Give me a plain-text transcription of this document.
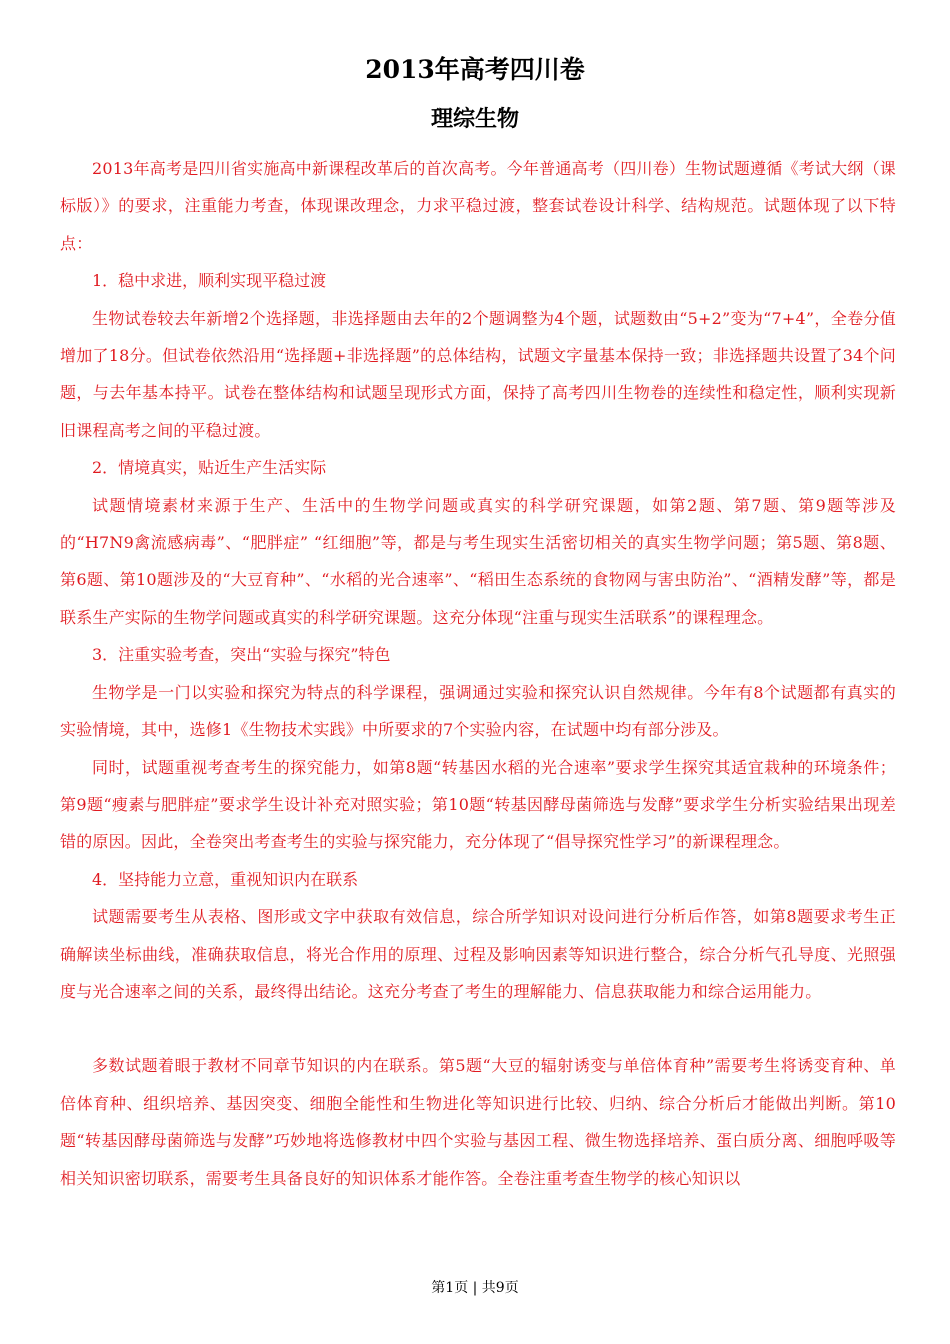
2013年高考四川卷
理综生物

2013年高考是四川省实施高中新课程改革后的首次高考。今年普通高考（四川卷）生物试题遵循《考试大纲（课标版）》的要求，注重能力考查，体现课改理念，力求平稳过渡，整套试卷设计科学、结构规范。试题体现了以下特点：

1．稳中求进，顺利实现平稳过渡

生物试卷较去年新增2个选择题，非选择题由去年的2个题调整为4个题，试题数由“5+2”变为“7+4”，全卷分值增加了18分。但试卷依然沿用“选择题+非选择题”的总体结构，试题文字量基本保持一致；非选择题共设置了34个问题，与去年基本持平。试卷在整体结构和试题呈现形式方面，保持了高考四川生物卷的连续性和稳定性，顺利实现新旧课程高考之间的平稳过渡。

2．情境真实，贴近生产生活实际

试题情境素材来源于生产、生活中的生物学问题或真实的科学研究课题，如第2题、第7题、第9题等涉及的“H7N9禽流感病毒”、“肥胖症” “红细胞”等，都是与考生现实生活密切相关的真实生物学问题；第5题、第8题、第6题、第10题涉及的“大豆育种”、“水稻的光合速率”、“稻田生态系统的食物网与害虫防治”、“酒精发酵”等，都是联系生产实际的生物学问题或真实的科学研究课题。这充分体现“注重与现实生活联系”的课程理念。

3．注重实验考查，突出“实验与探究”特色

生物学是一门以实验和探究为特点的科学课程，强调通过实验和探究认识自然规律。今年有8个试题都有真实的实验情境，其中，选修1《生物技术实践》中所要求的7个实验内容，在试题中均有部分涉及。

同时，试题重视考查考生的探究能力，如第8题“转基因水稻的光合速率”要求学生探究其适宜栽种的环境条件；第9题“瘦素与肥胖症”要求学生设计补充对照实验；第10题“转基因酵母菌筛选与发酵”要求学生分析实验结果出现差错的原因。因此，全卷突出考查考生的实验与探究能力，充分体现了“倡导探究性学习”的新课程理念。

4．坚持能力立意，重视知识内在联系

试题需要考生从表格、图形或文字中获取有效信息，综合所学知识对设问进行分析后作答，如第8题要求考生正确解读坐标曲线，准确获取信息，将光合作用的原理、过程及影响因素等知识进行整合，综合分析气孔导度、光照强度与光合速率之间的关系，最终得出结论。这充分考查了考生的理解能力、信息获取能力和综合运用能力。

多数试题着眼于教材不同章节知识的内在联系。第5题“大豆的辐射诱变与单倍体育种”需要考生将诱变育种、单倍体育种、组织培养、基因突变、细胞全能性和生物进化等知识进行比较、归纳、综合分析后才能做出判断。第10题“转基因酵母菌筛选与发酵”巧妙地将选修教材中四个实验与基因工程、微生物选择培养、蛋白质分离、细胞呼吸等相关知识密切联系，需要考生具备良好的知识体系才能作答。全卷注重考查生物学的核心知识以

第1页 | 共9页
